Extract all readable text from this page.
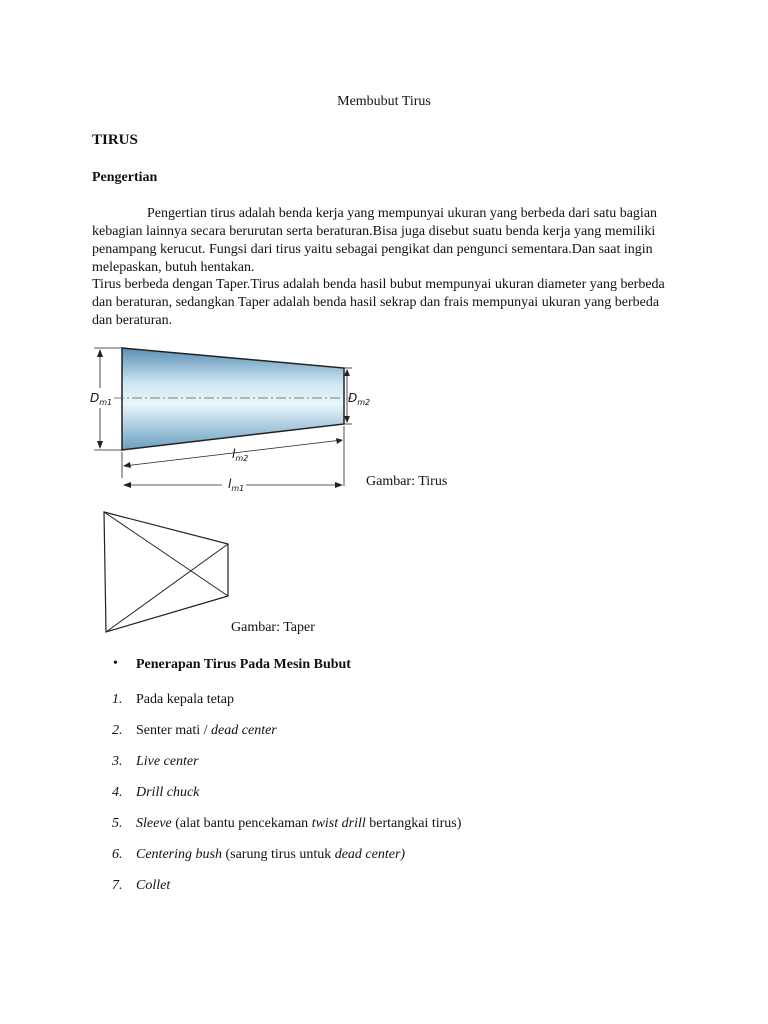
Membubut Tirus
TIRUS
Pengertian
Pengertian tirus adalah benda kerja yang mempunyai ukuran yang berbeda dari satu bagian kebagian lainnya secara berurutan serta beraturan.Bisa juga disebut suatu benda kerja yang memiliki penampang kerucut. Fungsi dari tirus yaitu sebagai pengikat dan pengunci sementara.Dan saat ingin melepaskan, butuh hentakan.
Tirus berbeda dengan Taper.Tirus adalah benda hasil bubut mempunyai ukuran diameter yang berbeda dan beraturan, sedangkan Taper adalah benda hasil sekrap dan frais mempunyai ukuran yang berbeda dan beraturan.
$D_{m1}$	$D_{m2}$
$l_{m2}$
$l_{m1}$	Gambar: Tirus
Gambar: Taper
• Penerapan Tirus Pada Mesin Bubut
1. Pada kepala tetap
2. Senter mati / dead center
3. Live center
4. Drill chuck
5. Sleeve (alat bantu pencekaman twist drill bertangkai tirus)
6. Centering bush (sarung tirus untuk dead center)
7. Collet
